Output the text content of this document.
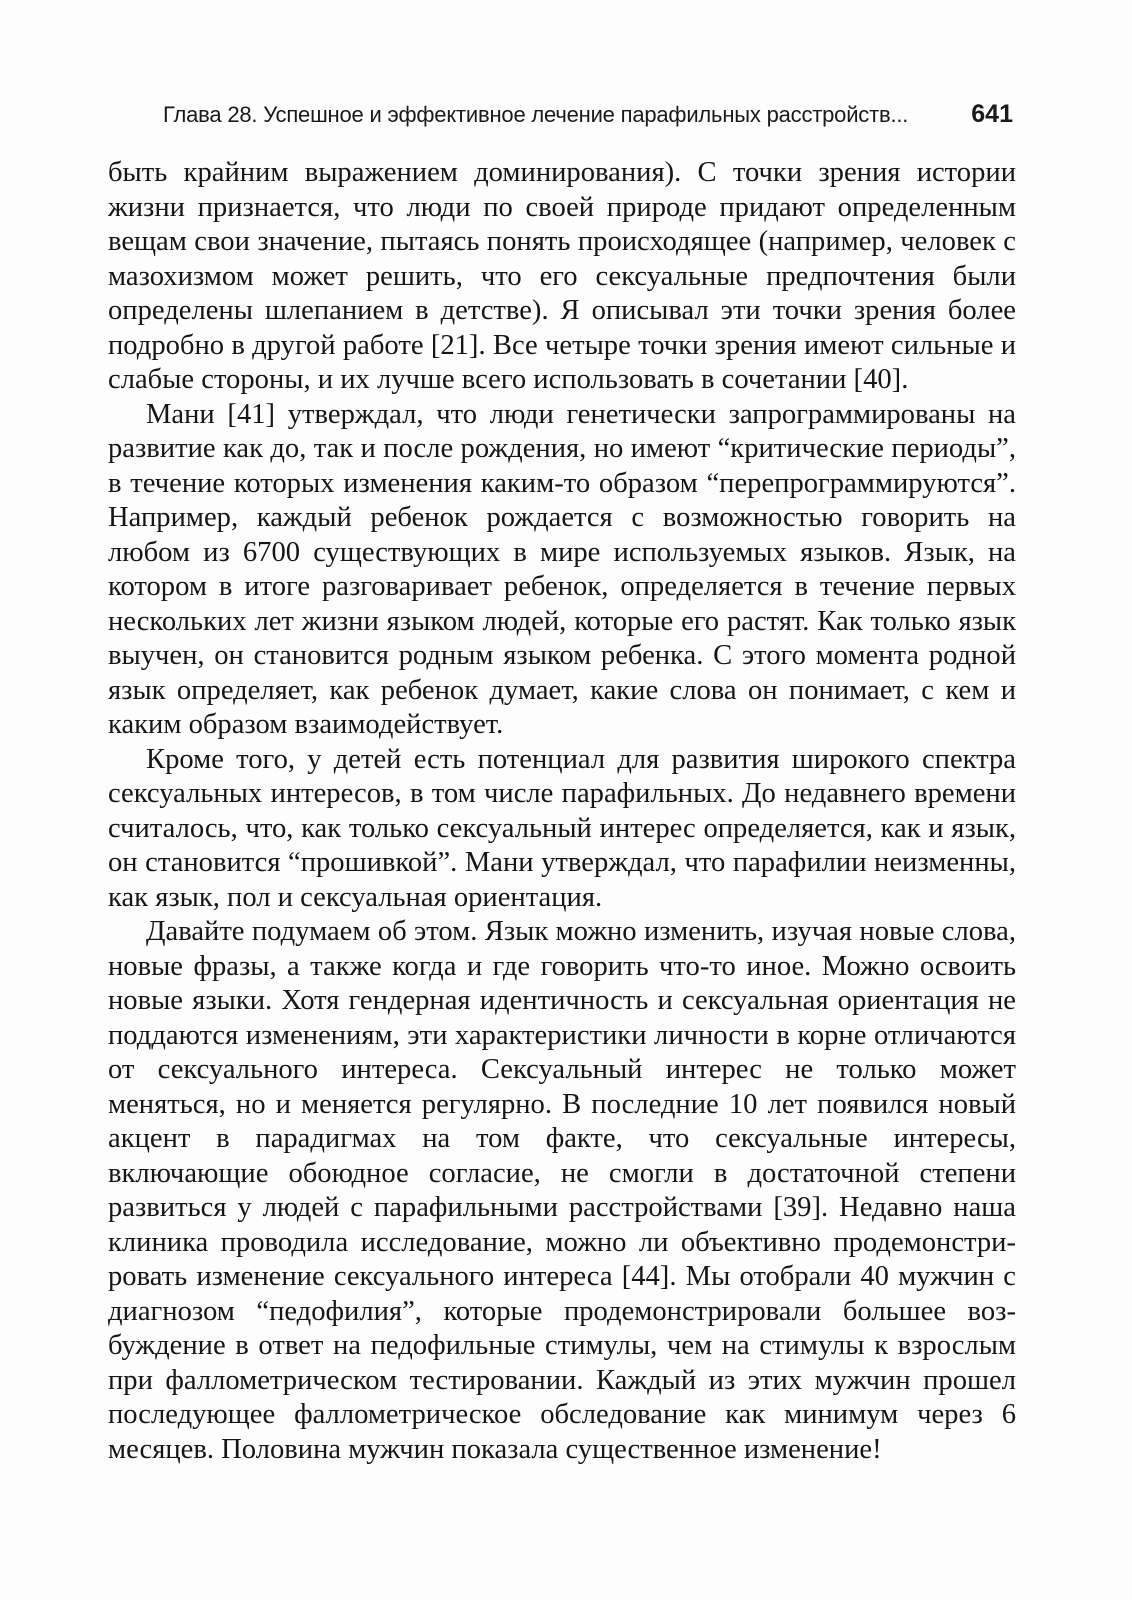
Глава 28. Успешное и эффективное лечение парафильных расстройств...	641

быть крайним выражением доминирования). С точки зрения истории жизни признается, что люди по своей природе придают определенным вещам свои значение, пытаясь понять происходящее (например, человек с мазохизмом может решить, что его сексуальные предпочтения были определены шлепанием в детстве). Я описывал эти точки зрения более подробно в другой работе [21]. Все четыре точки зрения имеют сильные и слабые стороны, и их лучше всего использовать в сочетании [40].

Мани [41] утверждал, что люди генетически запрограммированы на развитие как до, так и после рождения, но имеют “критические периоды”, в течение которых изменения каким-то образом “перепрограммируются”. Например, каждый ребенок рождается с возможностью говорить на любом из 6700 существующих в мире используемых языков. Язык, на котором в итоге разговаривает ребенок, определяется в течение первых нескольких лет жизни языком людей, которые его растят. Как только язык выучен, он становится родным языком ребенка. С этого момента родной язык определяет, как ребенок думает, какие слова он понимает, с кем и каким образом взаимодействует.

Кроме того, у детей есть потенциал для развития широкого спектра сексуальных интересов, в том числе парафильных. До недавнего времени считалось, что, как только сексуальный интерес определяется, как и язык, он становится “прошивкой”. Мани утверждал, что парафилии неизменны, как язык, пол и сексуальная ориентация.

Давайте подумаем об этом. Язык можно изменить, изучая новые слова, новые фразы, а также когда и где говорить что-то иное. Можно освоить новые языки. Хотя гендерная идентичность и сексуальная ориентация не поддаются изменениям, эти характеристики личности в корне отличаются от сексуального интереса. Сексуальный интерес не только может меняться, но и меняется регулярно. В последние 10 лет появился новый акцент в парадигмах на том факте, что сексуальные интересы, включающие обоюдное согласие, не смогли в достаточной степени развиться у людей с парафильными расстройствами [39]. Недавно наша клиника проводила исследование, можно ли объективно продемонстрировать изменение сексуального интереса [44]. Мы отобрали 40 мужчин с диагнозом “педофилия”, которые продемонстрировали большее возбуждение в ответ на педофильные стимулы, чем на стимулы к взрослым при фаллометрическом тестировании. Каждый из этих мужчин прошел последующее фаллометрическое обследование как минимум через 6 месяцев. Половина мужчин показала существенное изменение!
